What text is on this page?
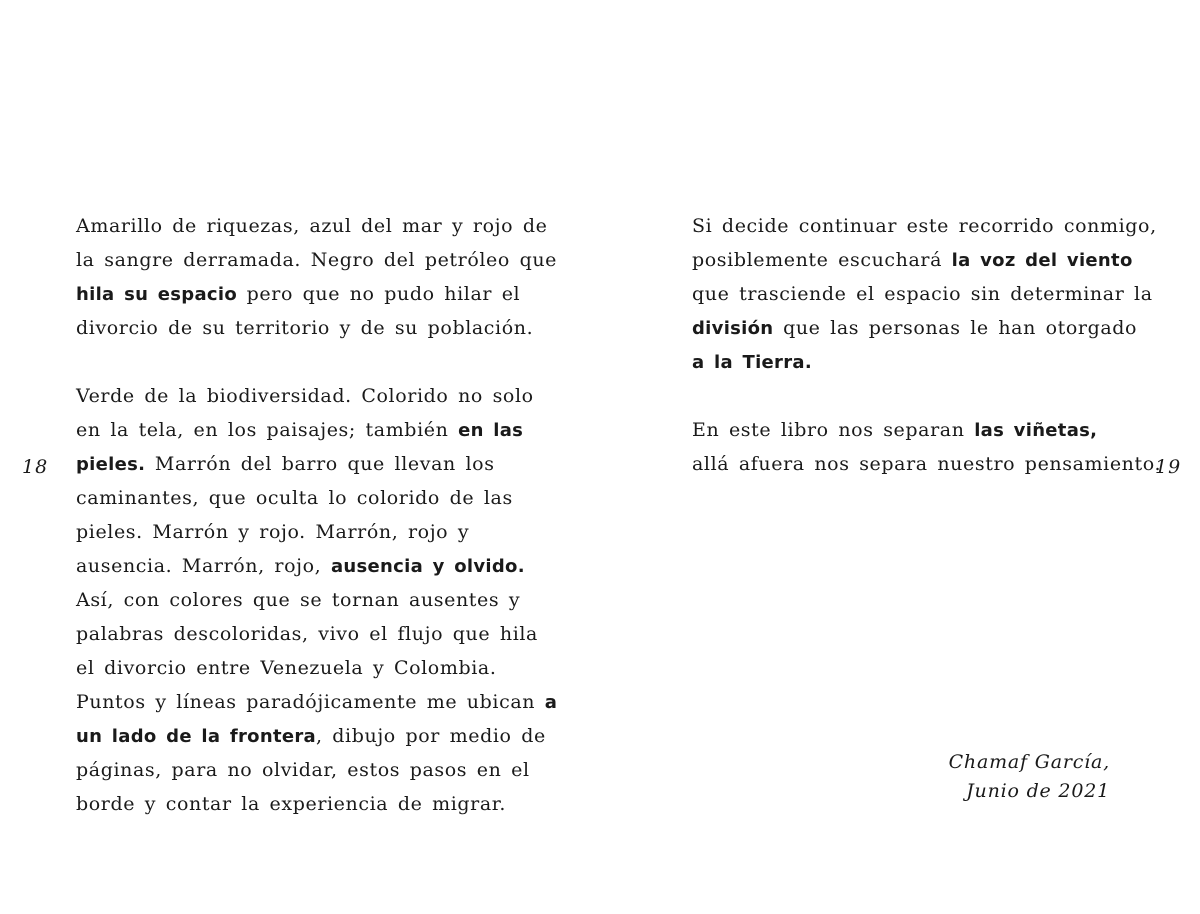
18
Amarillo de riquezas, azul del mar y rojo de
la sangre derramada. Negro del petróleo que
hila su espacio pero que no pudo hilar el
divorcio de su territorio y de su población.
Verde de la biodiversidad. Colorido no solo
en la tela, en los paisajes; también en las
pieles. Marrón del barro que llevan los
caminantes, que oculta lo colorido de las
pieles. Marrón y rojo. Marrón, rojo y
ausencia. Marrón, rojo, ausencia y olvido.
Así, con colores que se tornan ausentes y
palabras descoloridas, vivo el flujo que hila
el divorcio entre Venezuela y Colombia.
Puntos y líneas paradójicamente me ubican a
un lado de la frontera, dibujo por medio de
páginas, para no olvidar, estos pasos en el
borde y contar la experiencia de migrar.
19
Si decide continuar este recorrido conmigo,
posiblemente escuchará la voz del viento
que trasciende el espacio sin determinar la
división que las personas le han otorgado
a la Tierra.
En este libro nos separan las viñetas,
allá afuera nos separa nuestro pensamiento.
Chamaf García,
Junio de 2021
